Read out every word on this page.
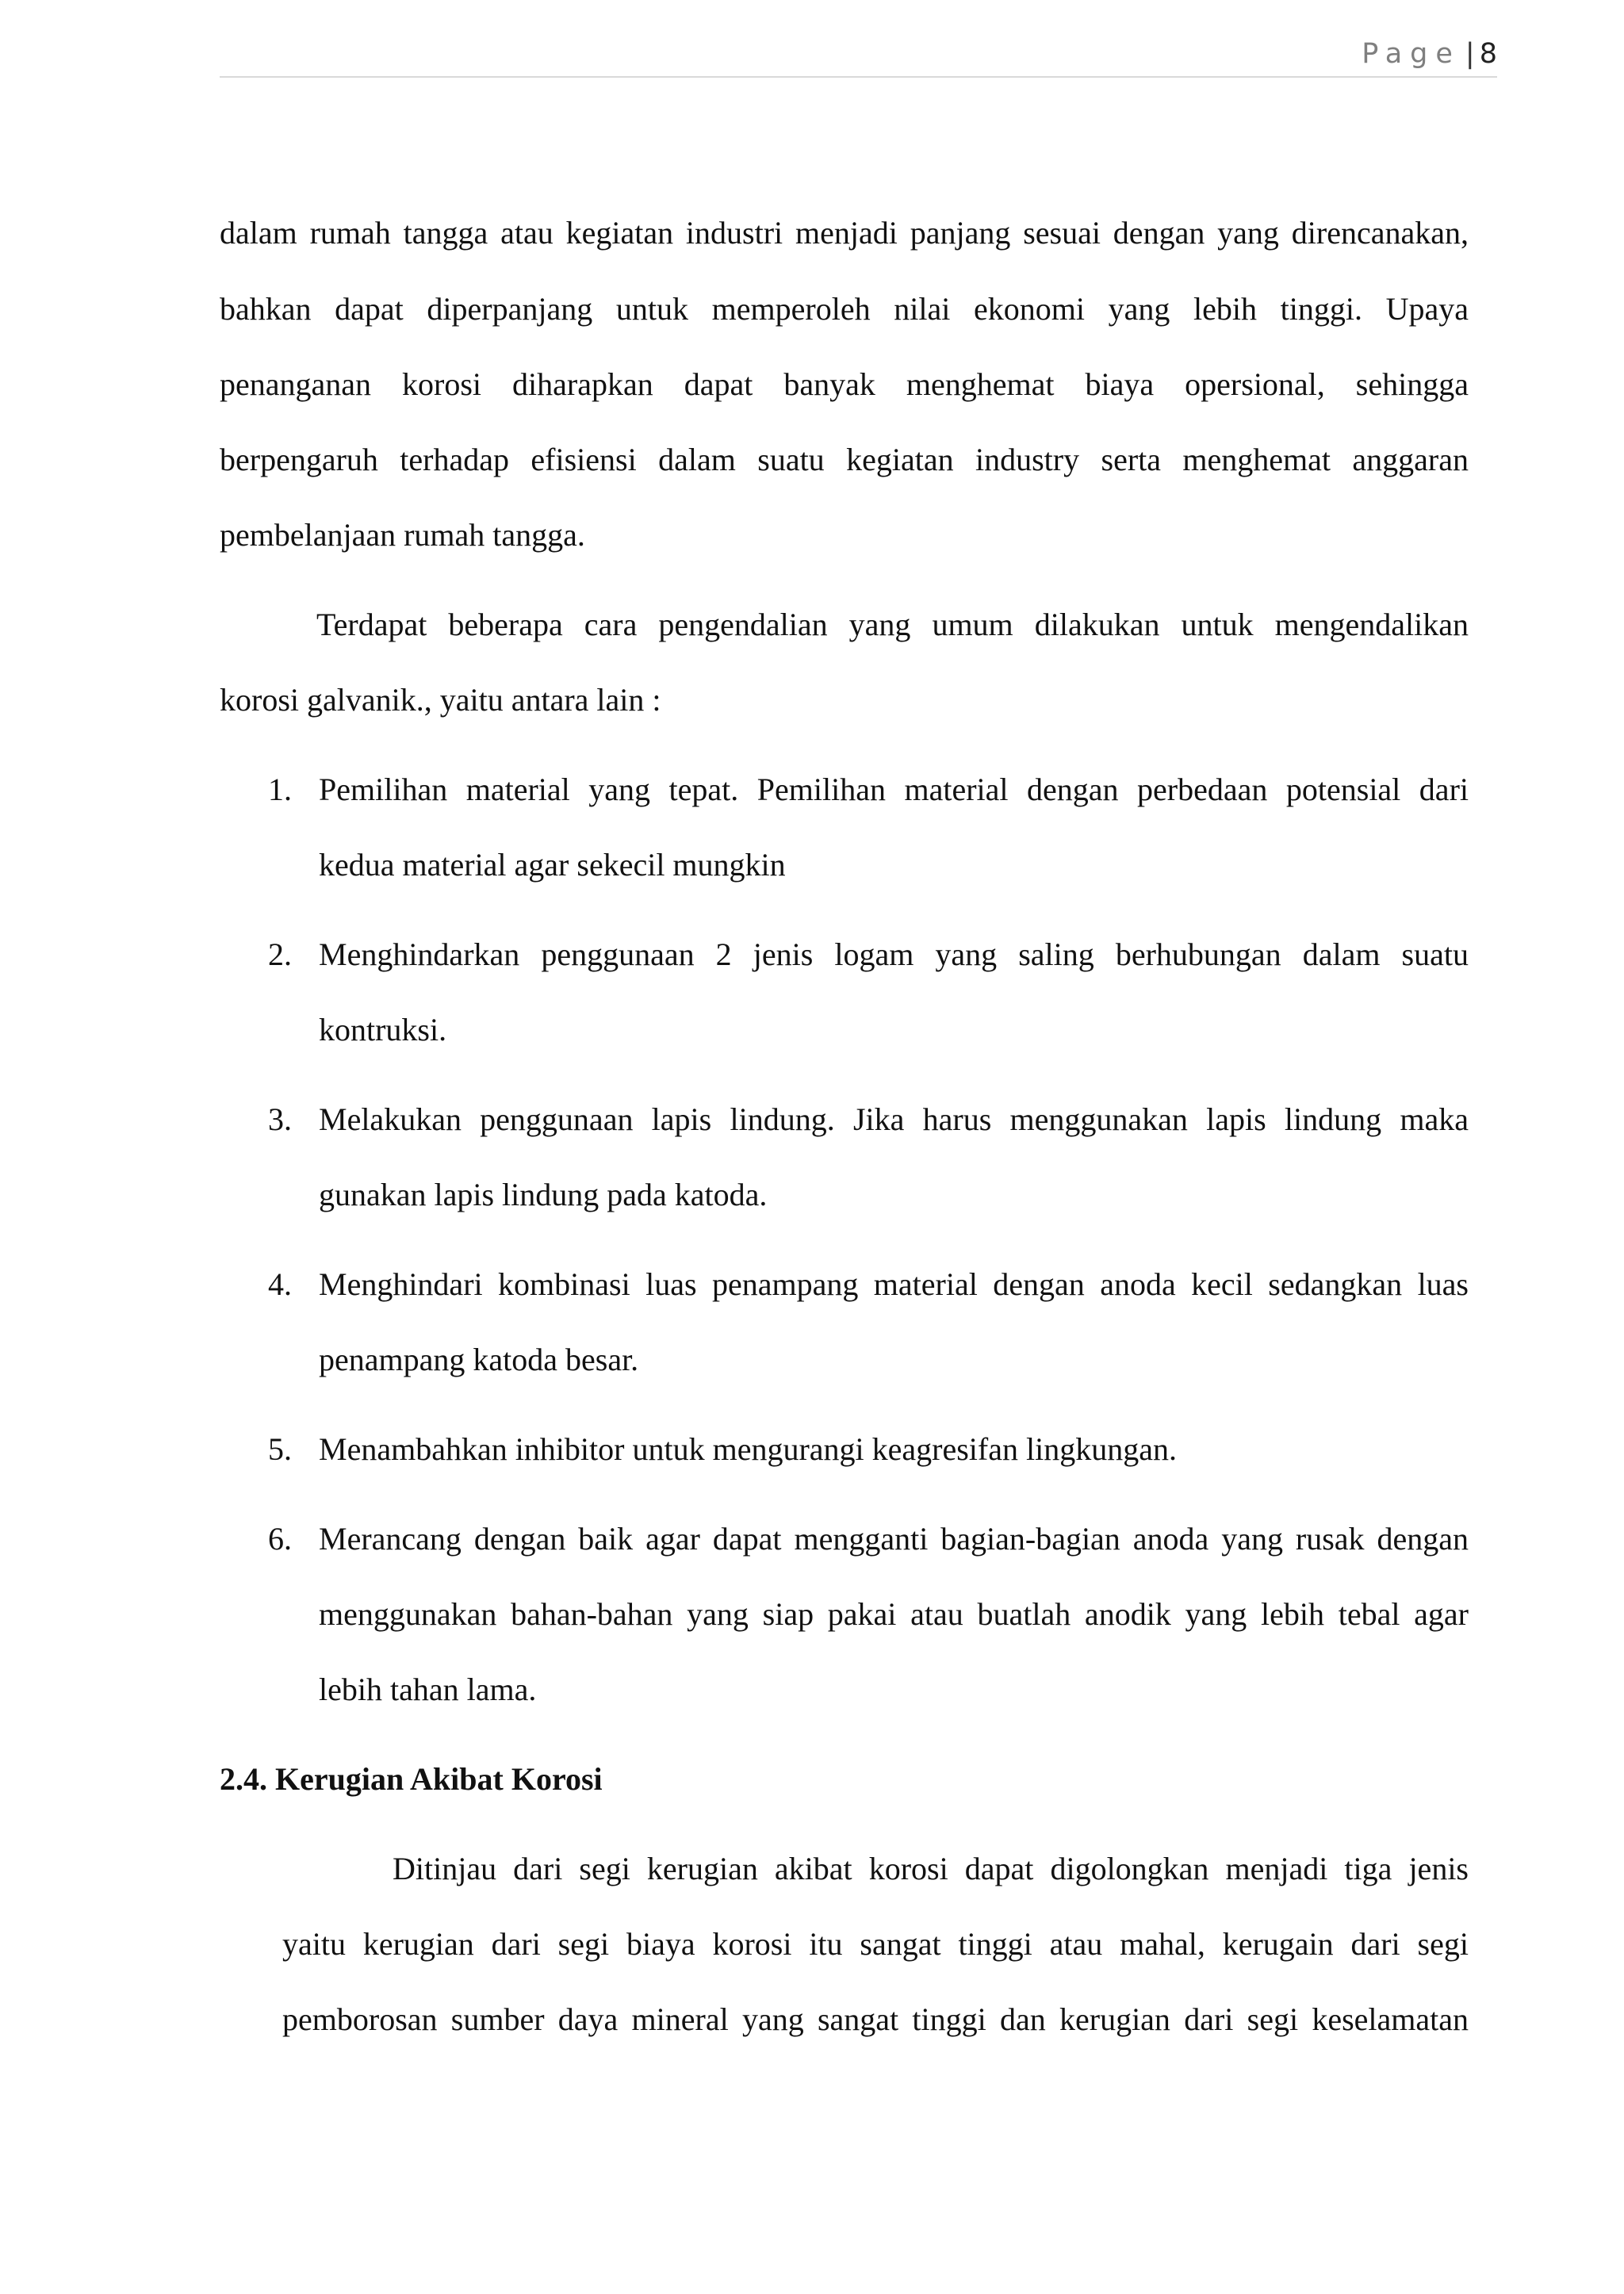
Page | 8
dalam rumah tangga atau kegiatan industri menjadi panjang sesuai dengan yang direncanakan,
bahkan dapat diperpanjang untuk memperoleh nilai ekonomi yang lebih tinggi. Upaya
penanganan korosi diharapkan dapat banyak menghemat biaya opersional, sehingga
berpengaruh terhadap efisiensi dalam suatu kegiatan industry serta menghemat anggaran
pembelanjaan rumah tangga.
Terdapat beberapa cara pengendalian yang umum dilakukan untuk mengendalikan
korosi galvanik., yaitu antara lain :
1. Pemilihan material yang tepat. Pemilihan material dengan perbedaan potensial dari
kedua material agar sekecil mungkin
2. Menghindarkan penggunaan 2 jenis logam yang saling berhubungan dalam suatu
kontruksi.
3. Melakukan penggunaan lapis lindung. Jika harus menggunakan lapis lindung maka
gunakan lapis lindung pada katoda.
4. Menghindari kombinasi luas penampang material dengan anoda kecil sedangkan luas
penampang katoda besar.
5. Menambahkan inhibitor untuk mengurangi keagresifan lingkungan.
6. Merancang dengan baik agar dapat mengganti bagian-bagian anoda yang rusak dengan
menggunakan bahan-bahan yang siap pakai atau buatlah anodik yang lebih tebal agar
lebih tahan lama.
2.4. Kerugian Akibat Korosi
Ditinjau dari segi kerugian akibat korosi dapat digolongkan menjadi tiga jenis
yaitu kerugian dari segi biaya korosi itu sangat tinggi atau mahal, kerugain dari segi
pemborosan sumber daya mineral yang sangat tinggi dan kerugian dari segi keselamatan
